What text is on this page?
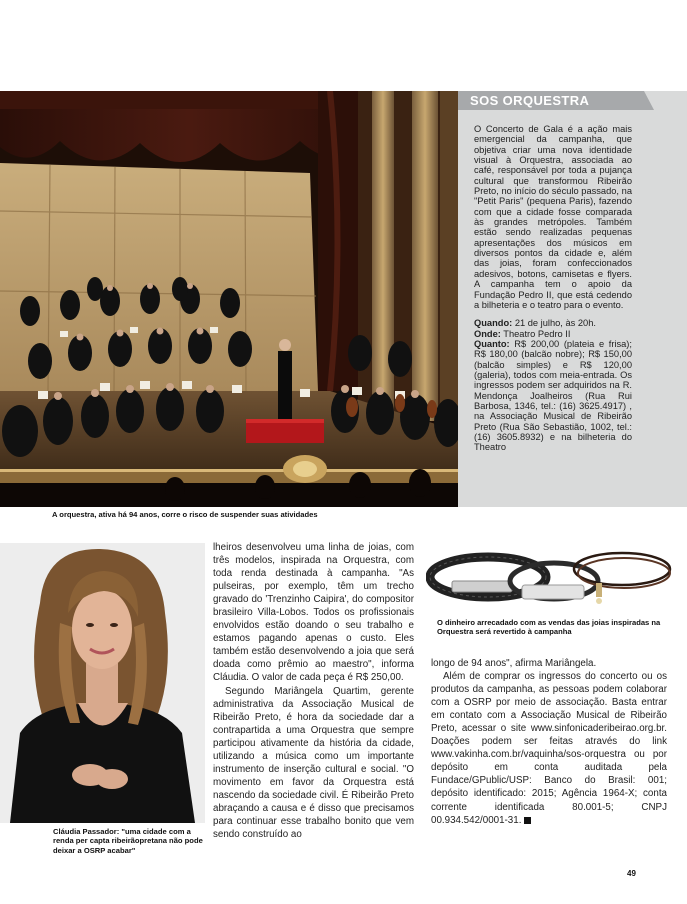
SOS ORQUESTRA

O Concerto de Gala é a ação mais emergencial da campanha, que objetiva criar uma nova identidade visual à Orquestra, associada ao café, responsável por toda a pujança cultural que transformou Ribeirão Preto, no início do século passado, na "Petit Paris" (pequena Paris), fazendo com que a cidade fosse comparada às grandes metrópoles. Também estão sendo realizadas pequenas apresentações dos músicos em diversos pontos da cidade e, além das joias, foram confeccionados adesivos, botons, camisetas e flyers. A campanha tem o apoio da Fundação Pedro II, que está cedendo a bilheteria e o teatro para o evento.

Quando: 21 de julho, às 20h.

Onde: Theatro Pedro II

Quanto: R$ 200,00 (plateia e frisa); R$ 180,00 (balcão nobre); R$ 150,00 (balcão simples) e R$ 120,00 (galeria), todos com meia-entrada. Os ingressos podem ser adquiridos na R. Mendonça Joalheiros (Rua Rui Barbosa, 1346, tel.: (16) 3625.4917) , na Associação Musical de Ribeirão Preto (Rua São Sebastião, 1002, tel.: (16) 3605.8932) e na bilheteria do Theatro

A orquestra, ativa há 94 anos, corre o risco de suspender suas atividades
Cláudia Passador: "uma cidade com a renda per capta ribeirãopretana não pode deixar a OSRP acabar"
O dinheiro arrecadado com as vendas das joias inspiradas na Orquestra será revertido à campanha

lheiros desenvolveu uma linha de joias, com três modelos, inspirada na Orquestra, com toda renda destinada à campanha. "As pulseiras, por exemplo, têm um trecho gravado do 'Trenzinho Caipira', do compositor brasileiro Villa-Lobos. Todos os profissionais envolvidos estão doando o seu trabalho e estamos pagando apenas o custo. Eles também estão desenvolvendo a joia que será doada como prêmio ao maestro", informa Cláudia. O valor de cada peça é R$ 250,00.

Segundo Mariângela Quartim, gerente administrativa da Associação Musical de Ribeirão Preto, é hora da sociedade dar a contrapartida a uma Orquestra que sempre participou ativamente da história da cidade, utilizando a música como um importante instrumento de inserção cultural e social. "O movimento em favor da Orquestra está nascendo da sociedade civil. É Ribeirão Preto abraçando a causa e é disso que precisamos para continuar esse trabalho bonito que vem sendo construído ao

longo de 94 anos", afirma Mariângela.

Além de comprar os ingressos do concerto ou os produtos da campanha, as pessoas podem colaborar com a OSRP por meio de associação. Basta entrar em contato com a Associação Musical de Ribeirão Preto, acessar o site www.sinfonicaderibeirao.org.br. Doações podem ser feitas através do link www.vakinha.com.br/vaquinha/sos-orquestra ou por depósito em conta auditada pela Fundace/GPublic/USP: Banco do Brasil: 001; depósito identificado: 2015; Agência 1964-X; conta corrente identificada 80.001-5; CNPJ 00.934.542/0001-31.

49
